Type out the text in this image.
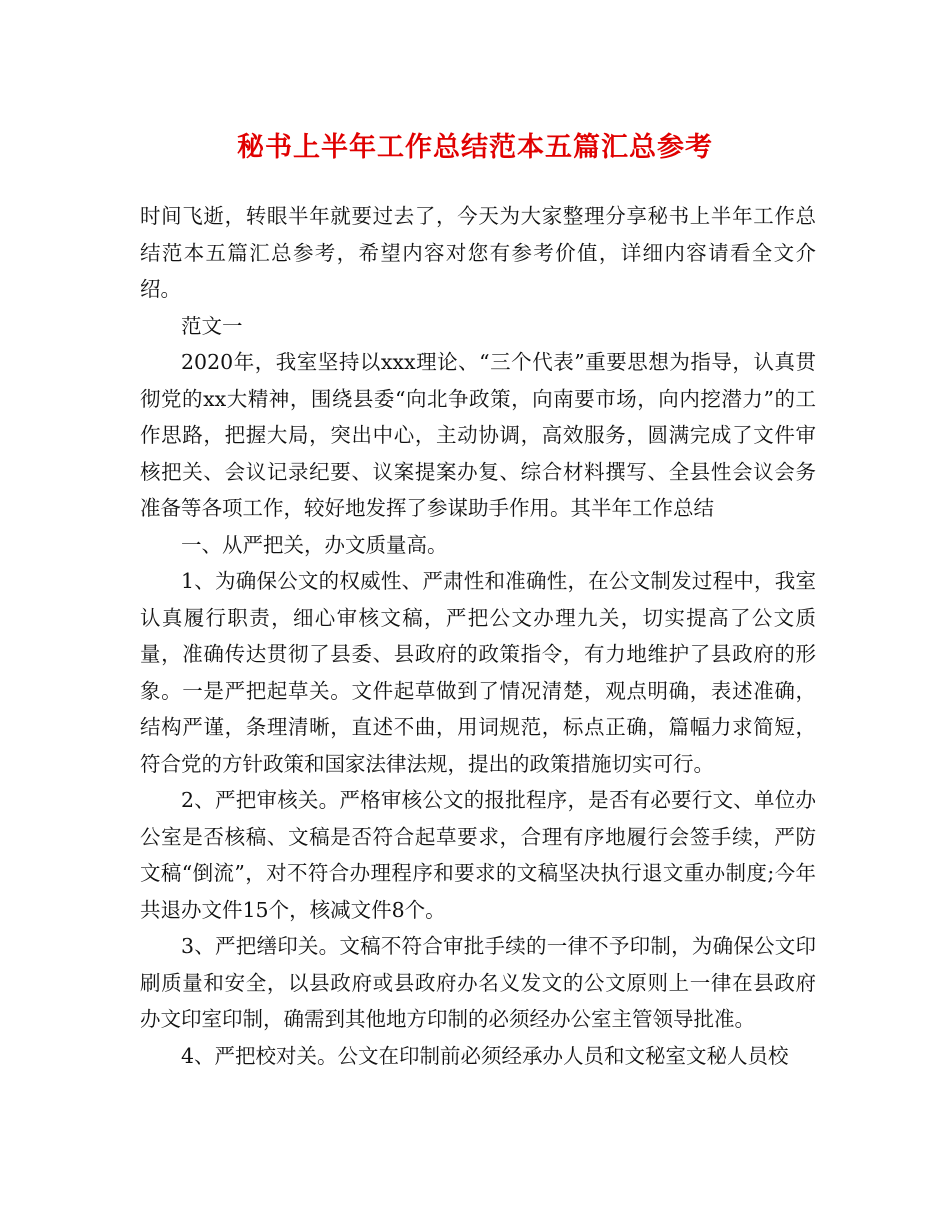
秘书上半年工作总结范本五篇汇总参考

时间飞逝，转眼半年就要过去了，今天为大家整理分享秘书上半年工作总结范本五篇汇总参考，希望内容对您有参考价值，详细内容请看全文介绍。

范文一

2020年，我室坚持以xxx理论、“三个代表”重要思想为指导，认真贯彻党的xx大精神，围绕县委“向北争政策，向南要市场，向内挖潜力”的工作思路，把握大局，突出中心，主动协调，高效服务，圆满完成了文件审核把关、会议记录纪要、议案提案办复、综合材料撰写、全县性会议会务准备等各项工作，较好地发挥了参谋助手作用。其半年工作总结

一、从严把关，办文质量高。

1、为确保公文的权威性、严肃性和准确性，在公文制发过程中，我室认真履行职责，细心审核文稿，严把公文办理九关，切实提高了公文质量，准确传达贯彻了县委、县政府的政策指令，有力地维护了县政府的形象。一是严把起草关。文件起草做到了情况清楚，观点明确，表述准确，结构严谨，条理清晰，直述不曲，用词规范，标点正确，篇幅力求简短，符合党的方针政策和国家法律法规，提出的政策措施切实可行。

2、严把审核关。严格审核公文的报批程序，是否有必要行文、单位办公室是否核稿、文稿是否符合起草要求，合理有序地履行会签手续，严防文稿“倒流”，对不符合办理程序和要求的文稿坚决执行退文重办制度;今年共退办文件15个，核减文件8个。

3、严把缮印关。文稿不符合审批手续的一律不予印制，为确保公文印刷质量和安全，以县政府或县政府办名义发文的公文原则上一律在县政府办文印室印制，确需到其他地方印制的必须经办公室主管领导批准。

4、严把校对关。公文在印制前必须经承办人员和文秘室文秘人员校
